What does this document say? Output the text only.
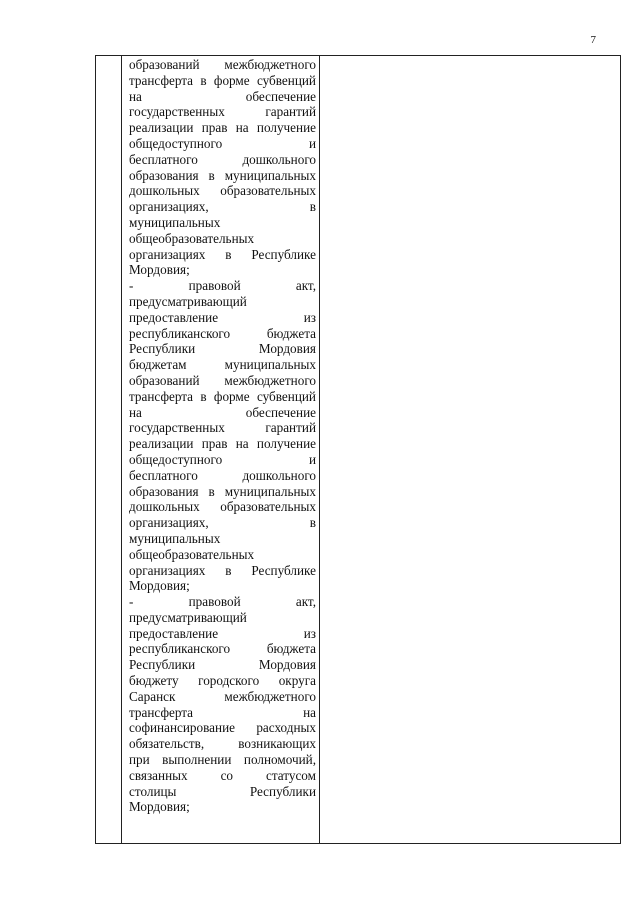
7
образований межбюджетного
трансферта в форме субвенций
на обеспечение
государственных гарантий
реализации прав на получение
общедоступного и
бесплатного дошкольного
образования в муниципальных
дошкольных образовательных
организациях, в
муниципальных
общеобразовательных
организациях в Республике
Мордовия;
- правовой акт,
предусматривающий
предоставление из
республиканского бюджета
Республики Мордовия
бюджетам муниципальных
образований межбюджетного
трансферта в форме субвенций
на обеспечение
государственных гарантий
реализации прав на получение
общедоступного и
бесплатного дошкольного
образования в муниципальных
дошкольных образовательных
организациях, в
муниципальных
общеобразовательных
организациях в Республике
Мордовия;
- правовой акт,
предусматривающий
предоставление из
республиканского бюджета
Республики Мордовия
бюджету городского округа
Саранск межбюджетного
трансферта на
софинансирование расходных
обязательств, возникающих
при выполнении полномочий,
связанных со статусом
столицы Республики
Мордовия;
